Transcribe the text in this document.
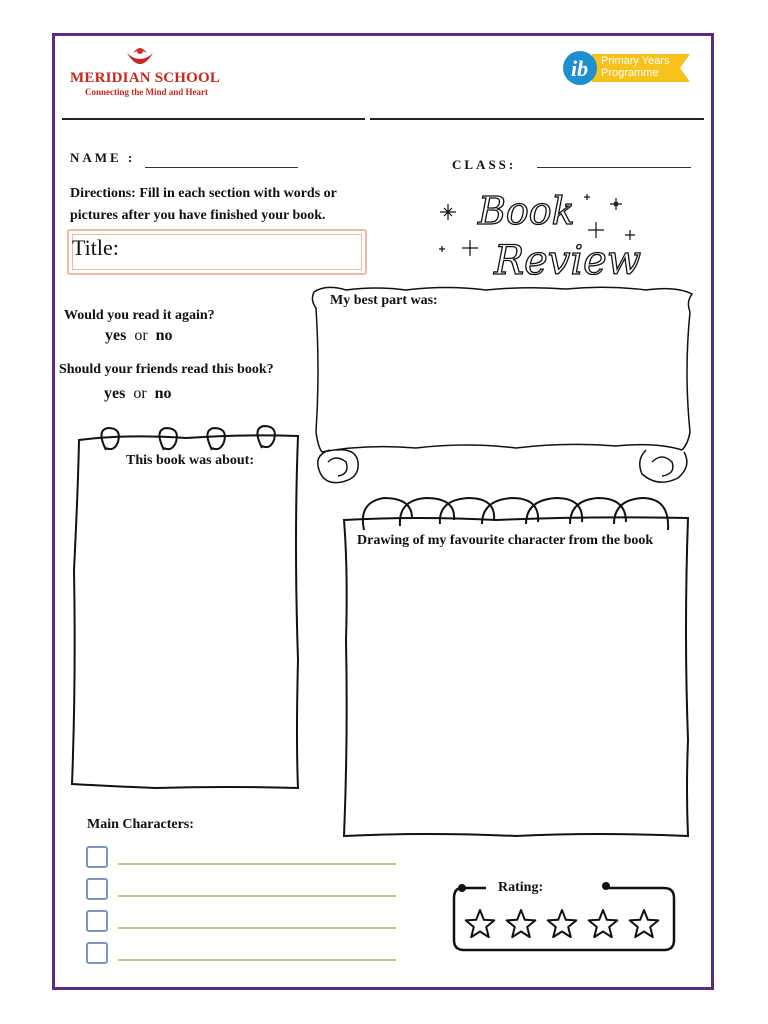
MERIDIAN SCHOOL
Connecting the Mind and Heart
ib Primary Years
Programme
NAME :	CLASS:
Directions: Fill in each section with words or pictures after you have finished your book.
Title:
Book
Review
Would you read it again?
yes or no
Should your friends read this book?
yes or no
My best part was:
This book was about:
Drawing of my favourite character from the book
Main Characters:
Rating:
